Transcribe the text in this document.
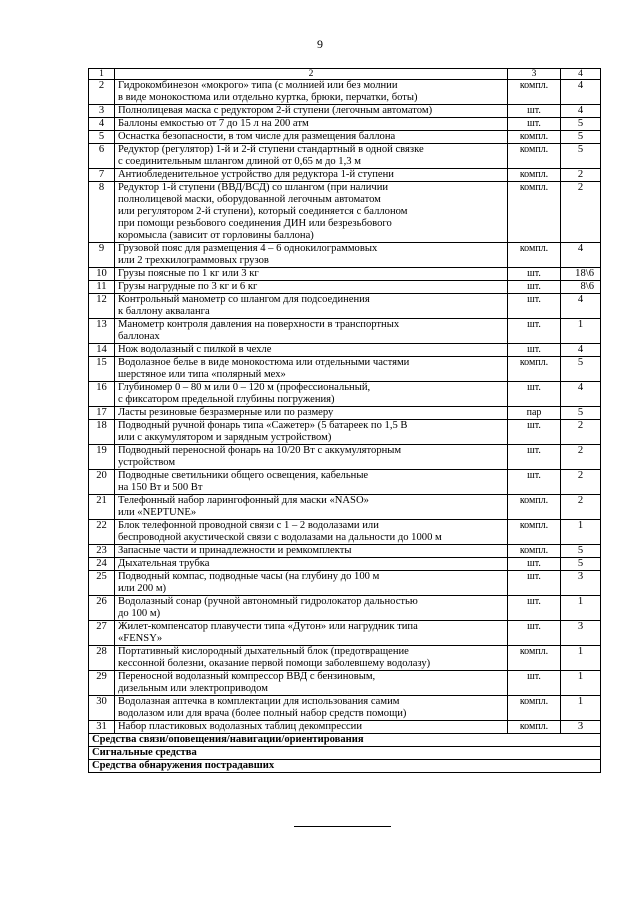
9
1	2	3	4
2	Гидрокомбинезон «мокрого» типа (с молнией или без молнии
в виде монокостюма или отдельно куртка, брюки, перчатки, боты)	компл.	4
3	Полнолицевая маска с редуктором 2-й ступени (легочным автоматом)	шт.	4
4	Баллоны емкостью от 7 до 15 л на 200 атм	шт.	5
5	Оснастка безопасности, в том числе для размещения баллона	компл.	5
6	Редуктор (регулятор) 1-й и 2-й ступени стандартный в одной связке
с соединительным шлангом длиной от 0,65 м до 1,3 м	компл.	5
7	Антиобледенительное устройство для редуктора 1-й ступени	компл.	2
8	Редуктор 1-й ступени (ВВД/ВСД) со шлангом (при наличии
полнолицевой маски, оборудованной легочным автоматом
или регулятором 2-й ступени), который соединяется с баллоном
при помощи резьбового соединения ДИН или безрезьбового
коромысла (зависит от горловины баллона)	компл.	2
9	Грузовой пояс для размещения 4 – 6 однокилограммовых
или 2 трехкилограммовых грузов	компл.	4
10	Грузы поясные по 1 кг или 3 кг	шт.	18\6
11	Грузы нагрудные по 3 кг и 6 кг	шт.	8\6
12	Контрольный манометр со шлангом для подсоединения
к баллону акваланга	шт.	4
13	Манометр контроля давления на поверхности в транспортных
баллонах	шт.	1
14	Нож водолазный с пилкой в чехле	шт.	4
15	Водолазное белье в виде монокостюма или отдельными частями
шерстяное или типа «полярный мех»	компл.	5
16	Глубиномер 0 – 80 м или 0 – 120 м (профессиональный,
с фиксатором предельной глубины погружения)	шт.	4
17	Ласты резиновые безразмерные или по размеру	пар	5
18	Подводный ручной фонарь типа «Сажетер» (5 батареек по 1,5 В
или с аккумулятором и зарядным устройством)	шт.	2
19	Подводный переносной фонарь на 10/20 Вт с аккумуляторным
устройством	шт.	2
20	Подводные светильники общего освещения, кабельные
на 150 Вт и 500 Вт	шт.	2
21	Телефонный набор ларингофонный для маски «NASO»
или «NEPTUNE»	компл.	2
22	Блок телефонной проводной связи с 1 – 2 водолазами или
беспроводной акустической связи с водолазами на дальности до 1000 м	компл.	1
23	Запасные части и принадлежности и ремкомплекты	компл.	5
24	Дыхательная трубка	шт.	5
25	Подводный компас, подводные часы (на глубину до 100 м
или 200 м)	шт.	3
26	Водолазный сонар (ручной автономный гидролокатор дальностью
до 100 м)	шт.	1
27	Жилет-компенсатор плавучести типа «Дутон» или нагрудник типа
«FENSY»	шт.	3
28	Портативный кислородный дыхательный блок (предотвращение
кессонной болезни, оказание первой помощи заболевшему водолазу)	компл.	1
29	Переносной водолазный компрессор ВВД с бензиновым,
дизельным или электроприводом	шт.	1
30	Водолазная аптечка в комплектации для использования самим
водолазом или для врача (более полный набор средств помощи)	компл.	1
31	Набор пластиковых водолазных таблиц декомпрессии	компл.	3
Средства связи/оповещения/навигации/ориентирования			
Сигнальные средства			
Средства обнаружения пострадавших			
